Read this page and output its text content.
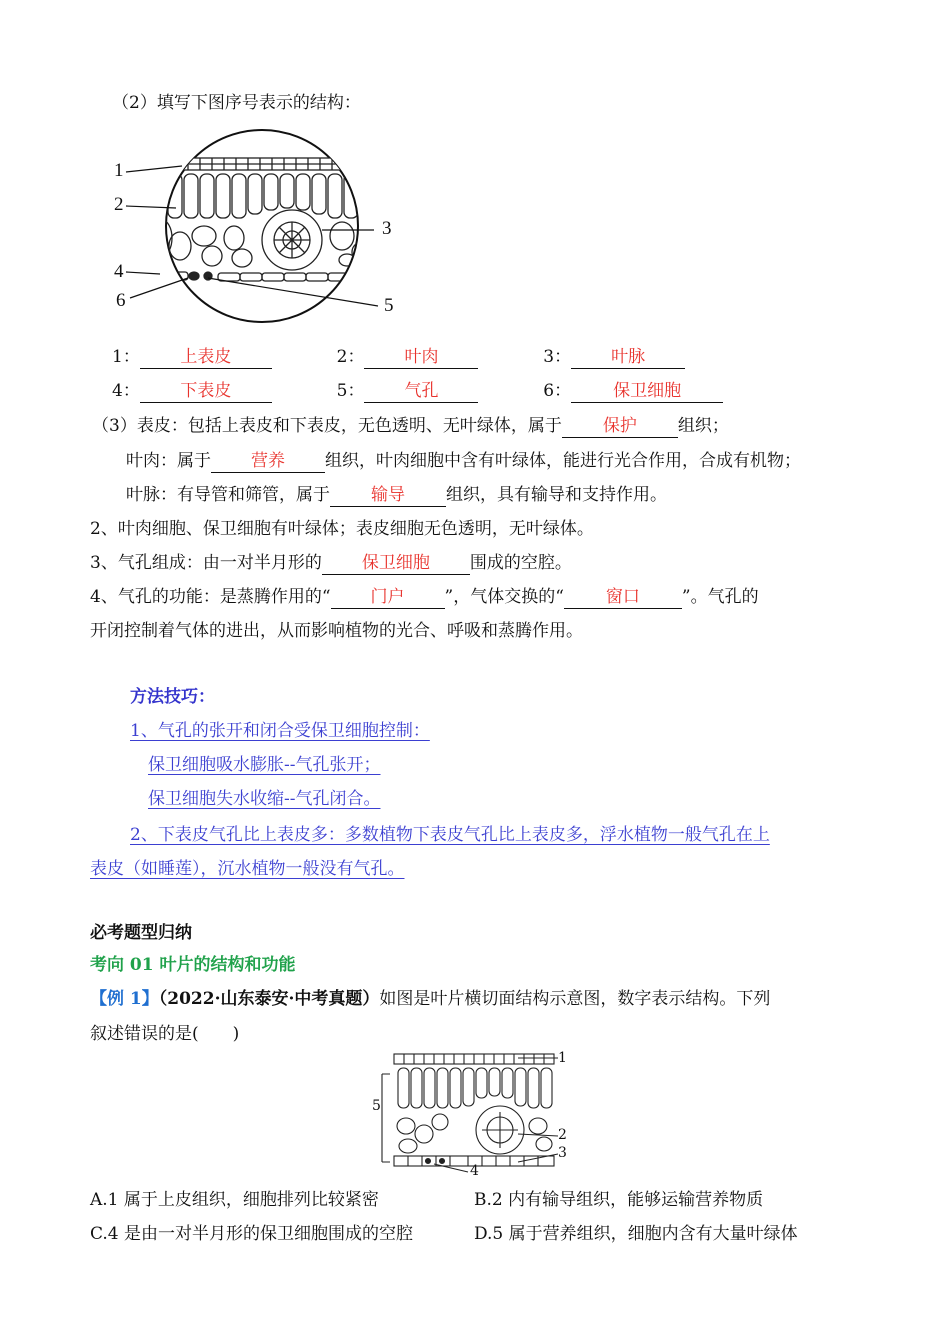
（2）填写下图序号表示的结构：
1
2
3
4
6	5
1： 上表皮	2： 叶肉	3： 叶脉
4： 下表皮	5： 气孔	6： 保卫细胞
（3）表皮：包括上表皮和下表皮，无色透明、无叶绿体，属于 保护 组织；
叶肉：属于 营养 组织，叶肉细胞中含有叶绿体，能进行光合作用，合成有机物；
叶脉：有导管和筛管，属于 输导 组织，具有输导和支持作用。
2、叶肉细胞、保卫细胞有叶绿体；表皮细胞无色透明，无叶绿体。
3、气孔组成：由一对半月形的 保卫细胞 围成的空腔。
4、气孔的功能：是蒸腾作用的“ 门户 ”，气体交换的“ 窗口 ”。气孔的
开闭控制着气体的进出，从而影响植物的光合、呼吸和蒸腾作用。
方法技巧：
1、气孔的张开和闭合受保卫细胞控制：
保卫细胞吸水膨胀--气孔张开；
保卫细胞失水收缩--气孔闭合。
2、下表皮气孔比上表皮多：多数植物下表皮气孔比上表皮多，浮水植物一般气孔在上
表皮（如睡莲），沉水植物一般没有气孔。
必考题型归纳
考向 01 叶片的结构和功能
【例 1】（2022·山东泰安·中考真题）如图是叶片横切面结构示意图，数字表示结构。下列
叙述错误的是(　　)
1
2
3
4
5
A.1 属于上皮组织，细胞排列比较紧密	B.2 内有输导组织，能够运输营养物质
C.4 是由一对半月形的保卫细胞围成的空腔	D.5 属于营养组织，细胞内含有大量叶绿体
